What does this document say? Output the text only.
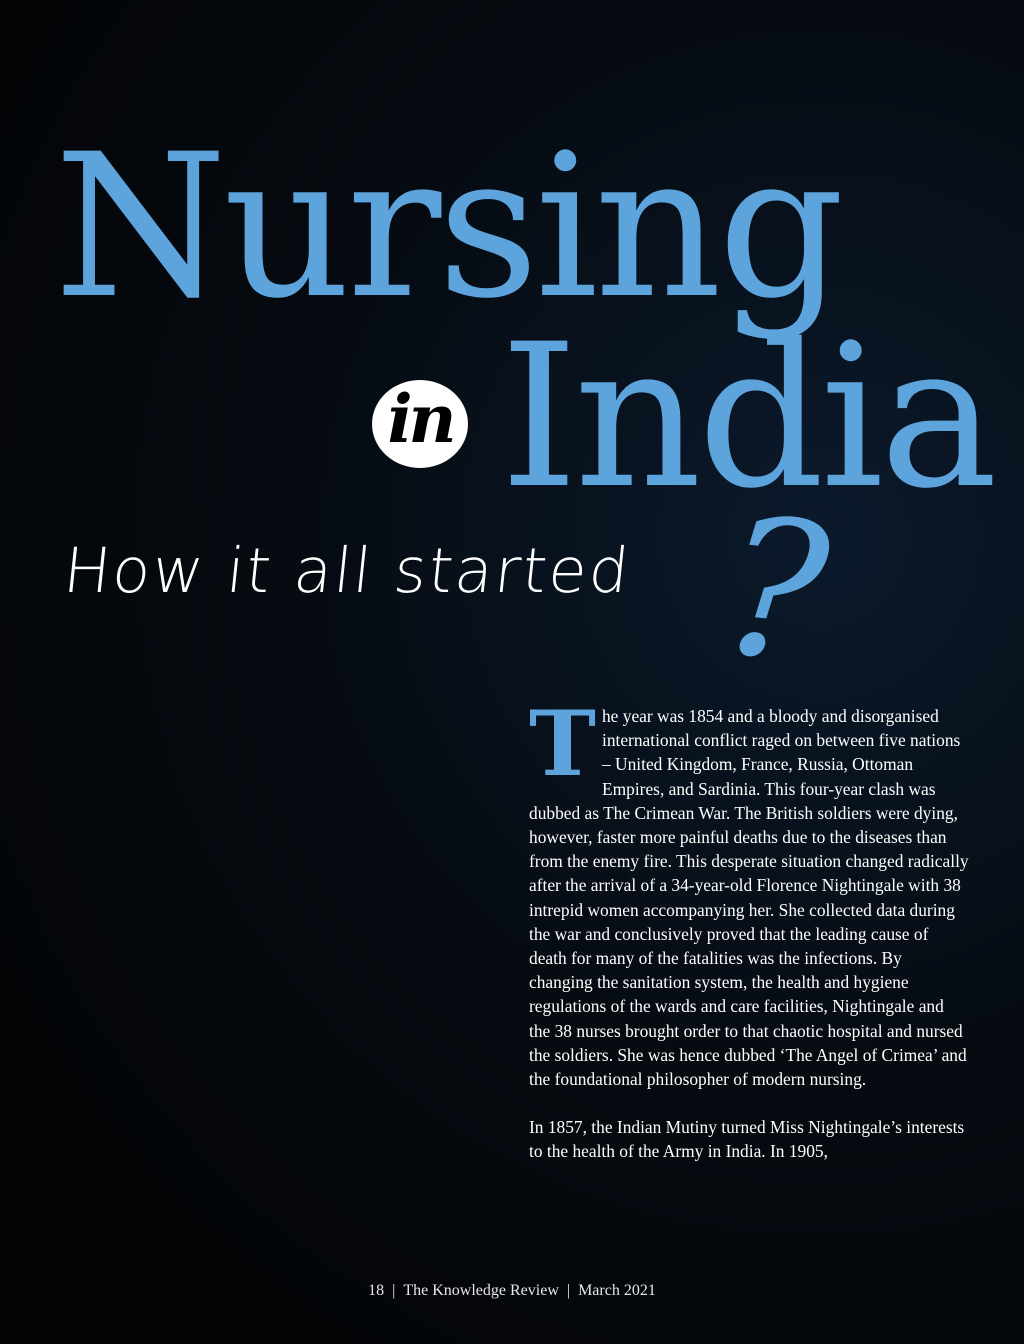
Nursing
in India
How it all started ?

The year was 1854 and a bloody and disorganised international conflict raged on between five nations – United Kingdom, France, Russia, Ottoman Empires, and Sardinia. This four-year clash was dubbed as The Crimean War. The British soldiers were dying, however, faster more painful deaths due to the diseases than from the enemy fire. This desperate situation changed radically after the arrival of a 34-year-old Florence Nightingale with 38 intrepid women accompanying her. She collected data during the war and conclusively proved that the leading cause of death for many of the fatalities was the infections. By changing the sanitation system, the health and hygiene regulations of the wards and care facilities, Nightingale and the 38 nurses brought order to that chaotic hospital and nursed the soldiers. She was hence dubbed ‘The Angel of Crimea’ and the foundational philosopher of modern nursing.

In 1857, the Indian Mutiny turned Miss Nightingale’s interests to the health of the Army in India. In 1905,

18 | The Knowledge Review | March 2021
